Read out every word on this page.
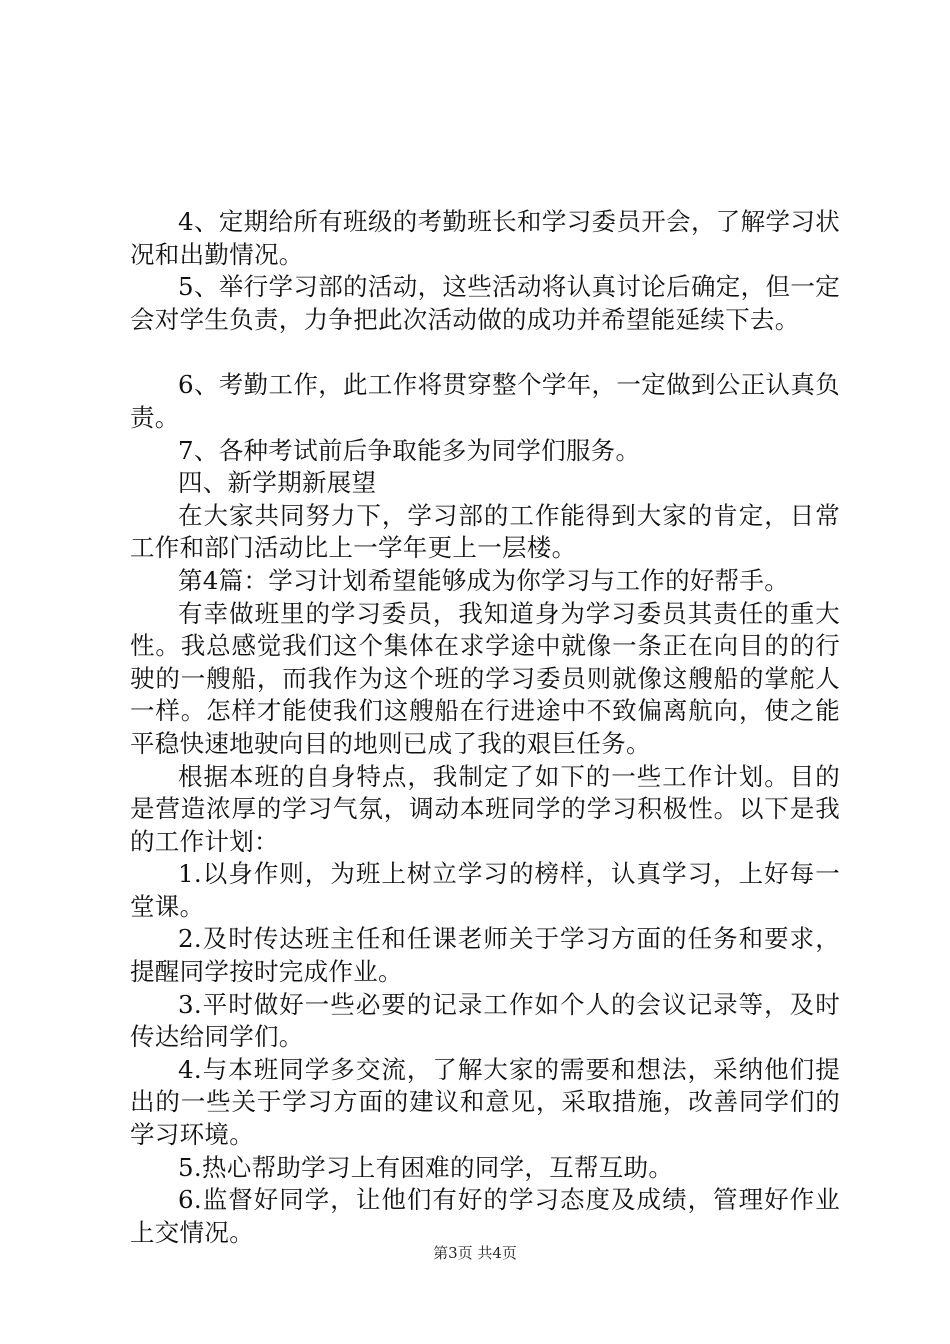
4、定期给所有班级的考勤班长和学习委员开会，了解学习状况和出勤情况。

5、举行学习部的活动，这些活动将认真讨论后确定，但一定会对学生负责，力争把此次活动做的成功并希望能延续下去。

6、考勤工作，此工作将贯穿整个学年，一定做到公正认真负责。

7、各种考试前后争取能多为同学们服务。

四、新学期新展望

在大家共同努力下，学习部的工作能得到大家的肯定，日常工作和部门活动比上一学年更上一层楼。

第4篇：学习计划希望能够成为你学习与工作的好帮手。

有幸做班里的学习委员，我知道身为学习委员其责任的重大性。我总感觉我们这个集体在求学途中就像一条正在向目的的行驶的一艘船，而我作为这个班的学习委员则就像这艘船的掌舵人一样。怎样才能使我们这艘船在行进途中不致偏离航向，使之能平稳快速地驶向目的地则已成了我的艰巨任务。

根据本班的自身特点，我制定了如下的一些工作计划。目的是营造浓厚的学习气氛，调动本班同学的学习积极性。以下是我的工作计划：

1.以身作则，为班上树立学习的榜样，认真学习，上好每一堂课。

2.及时传达班主任和任课老师关于学习方面的任务和要求，提醒同学按时完成作业。

3.平时做好一些必要的记录工作如个人的会议记录等，及时传达给同学们。

4.与本班同学多交流，了解大家的需要和想法，采纳他们提出的一些关于学习方面的建议和意见，采取措施，改善同学们的学习环境。

5.热心帮助学习上有困难的同学，互帮互助。

6.监督好同学，让他们有好的学习态度及成绩，管理好作业上交情况。

第3页 共4页
